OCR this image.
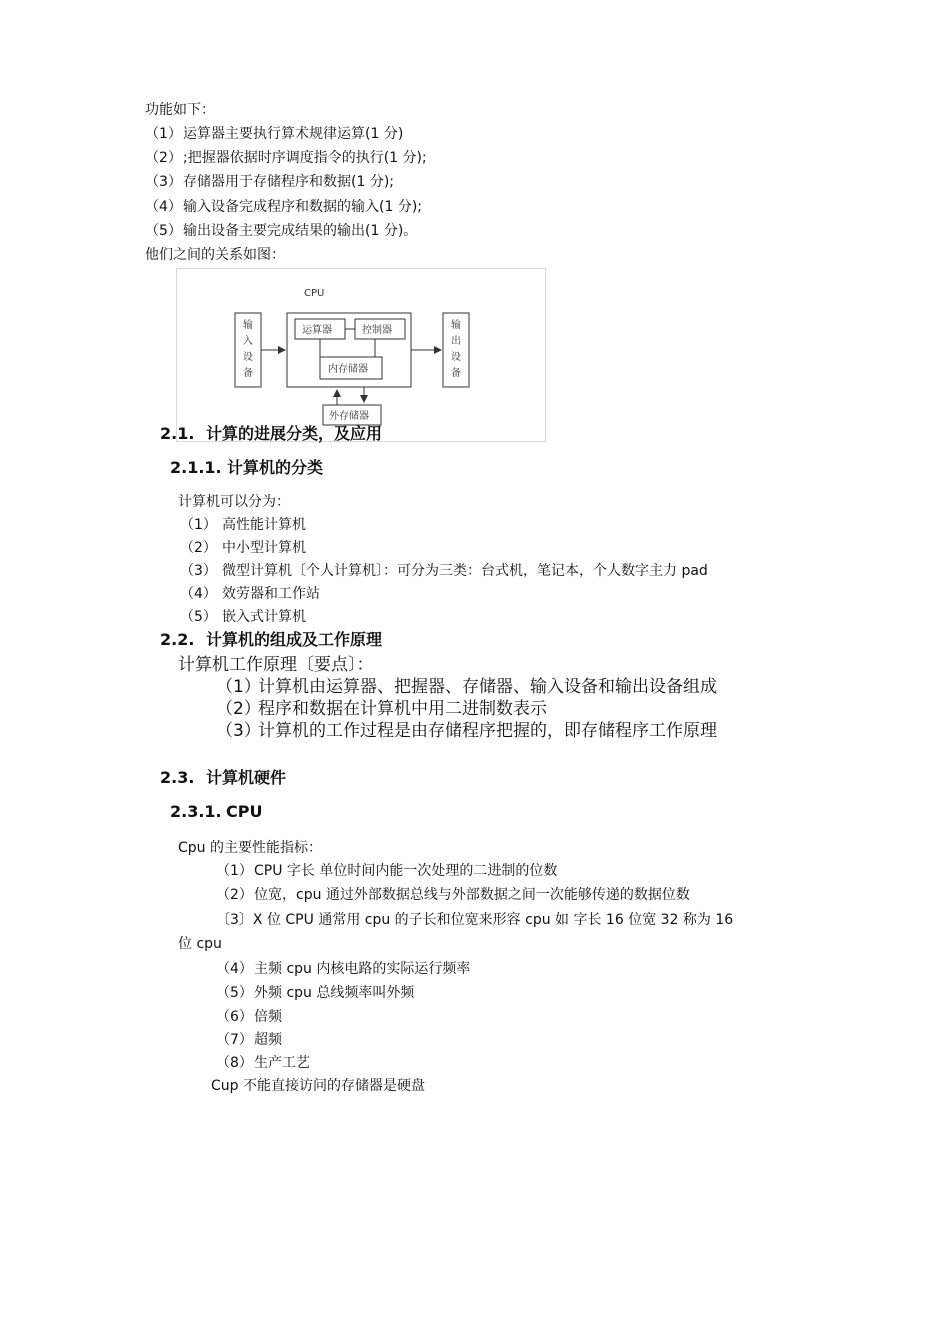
功能如下：
（1）运算器主要执行算术规律运算(1 分)
（2）;把握器依据时序调度指令的执行(1 分);
（3）存储器用于存储程序和数据(1 分);
（4）输入设备完成程序和数据的输入(1 分);
（5）输出设备主要完成结果的输出(1 分)。
他们之间的关系如图：
CPU
输
入
设
备
运算器	控制器
内存储器
输
出
设
备
外存储器
2.1. 计算的进展分类，及应用
2.1.1. 计算机的分类
计算机可以分为：
（1） 高性能计算机
（2） 中小型计算机
（3） 微型计算机〔个人计算机〕：可分为三类：台式机，笔记本，个人数字主力 pad
（4） 效劳器和工作站
（5） 嵌入式计算机
2.2. 计算机的组成及工作原理
计算机工作原理〔要点〕：
（1）计算机由运算器、把握器、存储器、输入设备和输出设备组成
（2）程序和数据在计算机中用二进制数表示
（3）计算机的工作过程是由存储程序把握的，即存储程序工作原理
2.3. 计算机硬件
2.3.1. CPU
Cpu 的主要性能指标：
（1）CPU 字长 单位时间内能一次处理的二进制的位数
（2）位宽，cpu 通过外部数据总线与外部数据之间一次能够传递的数据位数
〔3〕X 位 CPU 通常用 cpu 的子长和位宽来形容 cpu 如 字长 16 位宽 32 称为 16
位 cpu
（4）主频 cpu 内核电路的实际运行频率
（5）外频 cpu 总线频率叫外频
（6）倍频
（7）超频
（8）生产工艺
Cup 不能直接访问的存储器是硬盘
